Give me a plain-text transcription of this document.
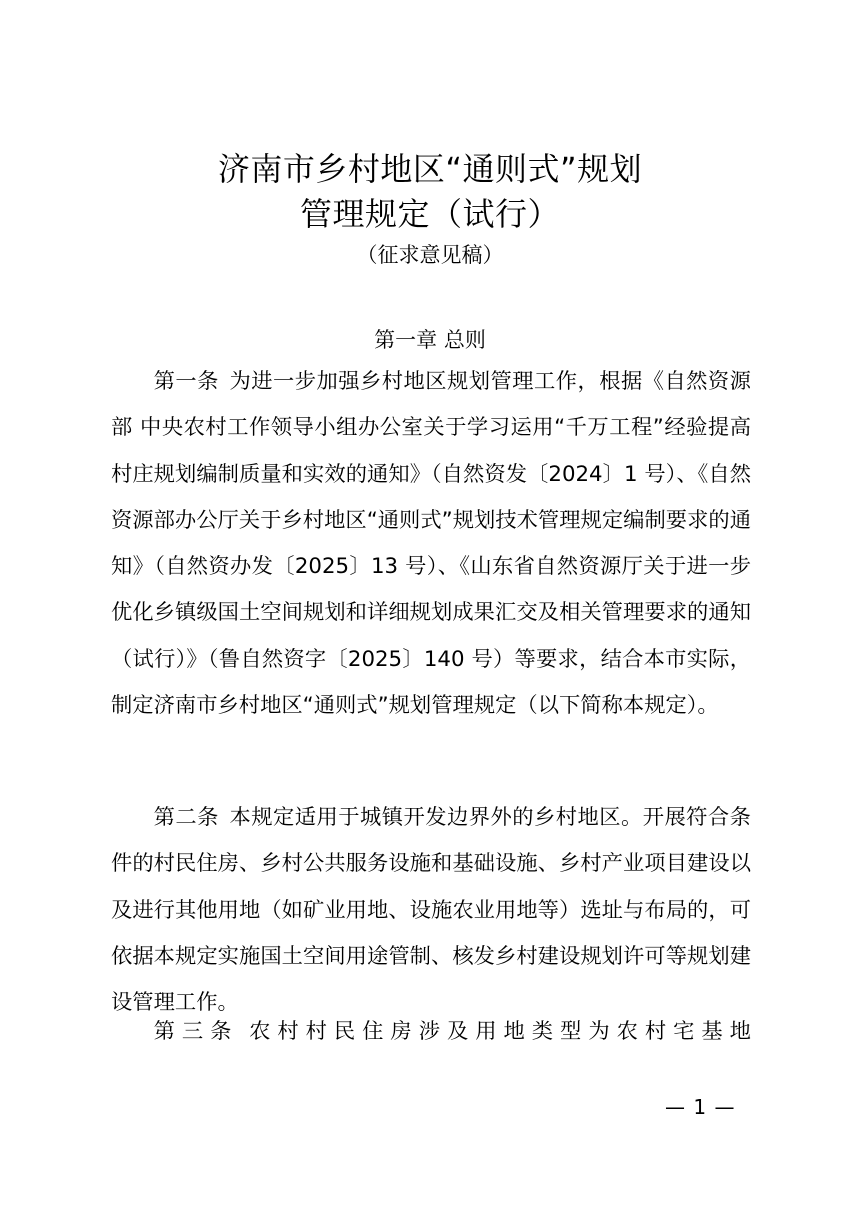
济南市乡村地区“通则式”规划
管理规定（试行）
（征求意见稿）
第一章 总则

第一条 为进一步加强乡村地区规划管理工作，根据《自然资源部 中央农村工作领导小组办公室关于学习运用“千万工程”经验提高村庄规划编制质量和实效的通知》（自然资发〔2024〕1 号）、《自然资源部办公厅关于乡村地区“通则式”规划技术管理规定编制要求的通知》（自然资办发〔2025〕13 号）、《山东省自然资源厅关于进一步优化乡镇级国土空间规划和详细规划成果汇交及相关管理要求的通知（试行）》（鲁自然资字〔2025〕140 号）等要求，结合本市实际，制定济南市乡村地区“通则式”规划管理规定（以下简称本规定）。

第二条 本规定适用于城镇开发边界外的乡村地区。开展符合条件的村民住房、乡村公共服务设施和基础设施、乡村产业项目建设以及进行其他用地（如矿业用地、设施农业用地等）选址与布局的，可依据本规定实施国土空间用途管制、核发乡村建设规划许可等规划建设管理工作。

第三条 农村村民住房涉及用地类型为农村宅基地

— 1 —
